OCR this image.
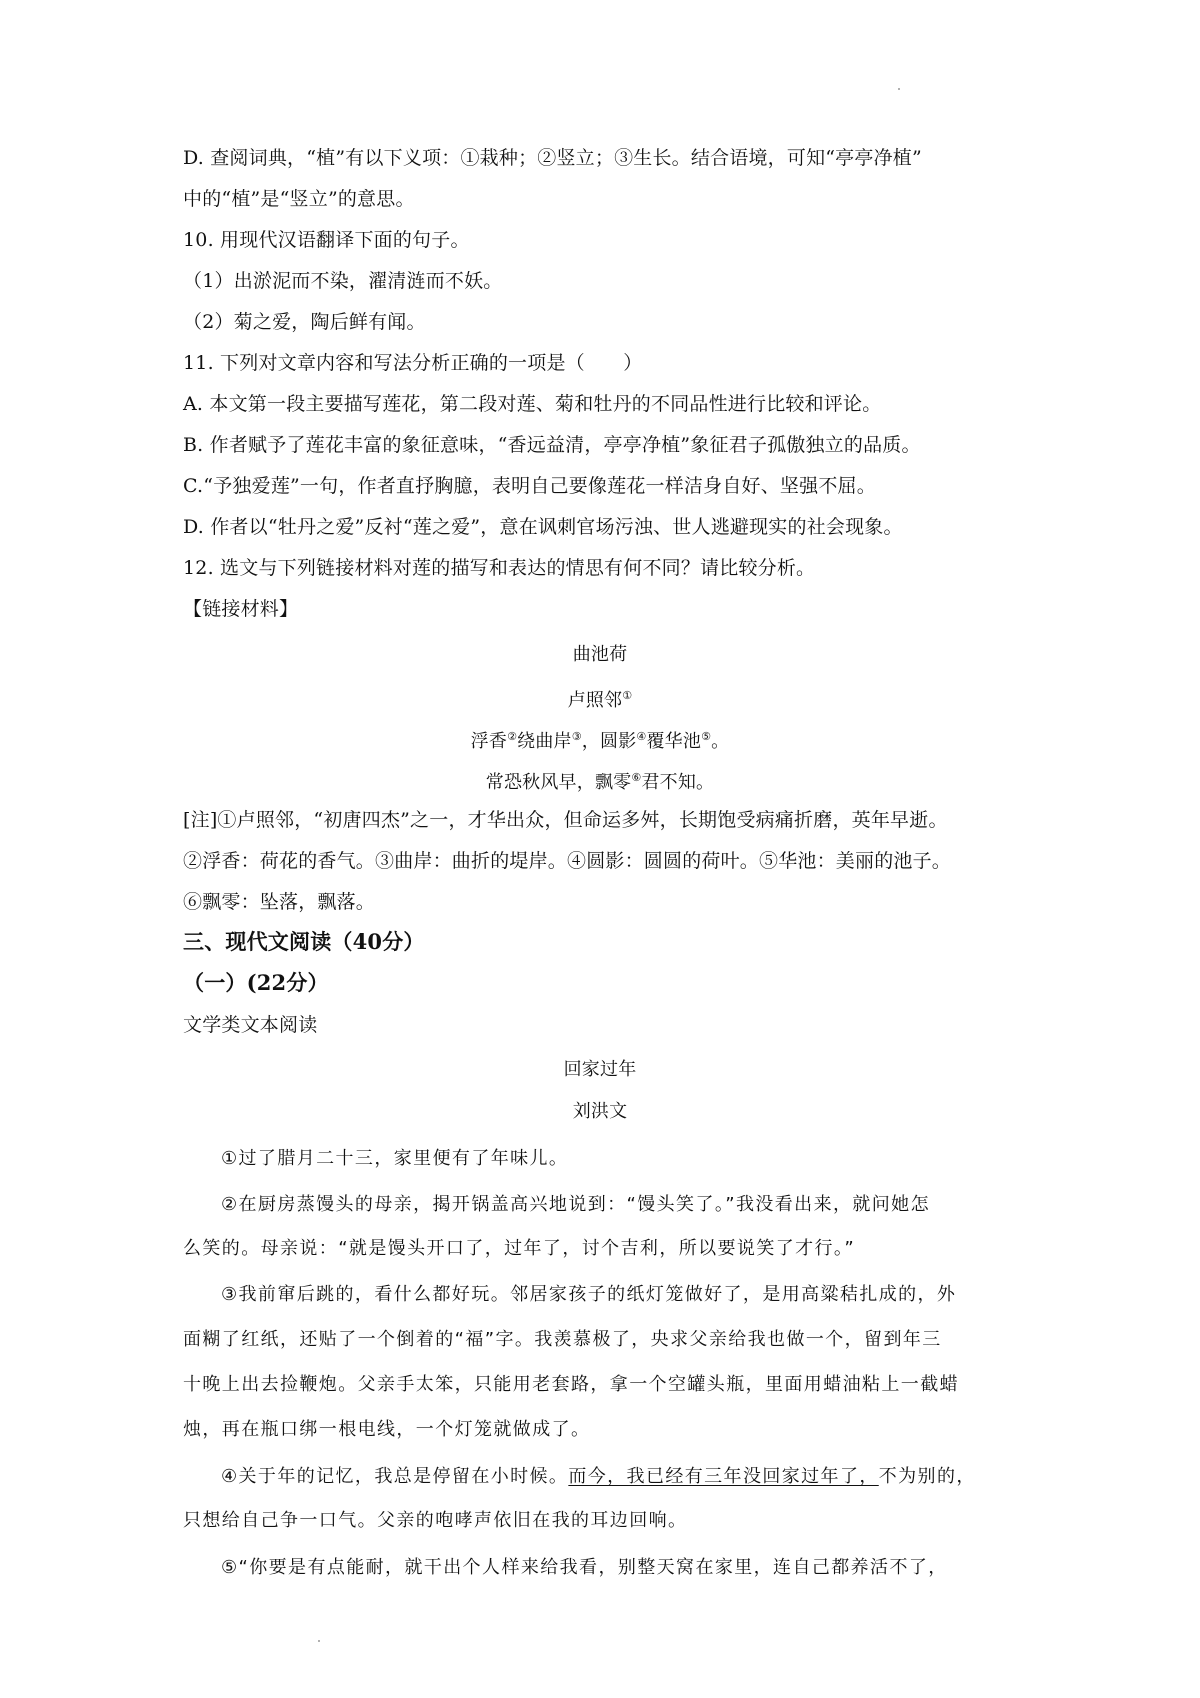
D. 查阅词典，“植”有以下义项：①栽种；②竖立；③生长。结合语境，可知“亭亭净植”
中的“植”是“竖立”的意思。
10. 用现代汉语翻译下面的句子。
（1）出淤泥而不染，濯清涟而不妖。
（2）菊之爱，陶后鲜有闻。
11. 下列对文章内容和写法分析正确的一项是（　　）
A. 本文第一段主要描写莲花，第二段对莲、菊和牡丹的不同品性进行比较和评论。
B. 作者赋予了莲花丰富的象征意味，“香远益清，亭亭净植”象征君子孤傲独立的品质。
C.“予独爱莲”一句，作者直抒胸臆，表明自己要像莲花一样洁身自好、坚强不屈。
D. 作者以“牡丹之爱”反衬“莲之爱”，意在讽刺官场污浊、世人逃避现实的社会现象。
12. 选文与下列链接材料对莲的描写和表达的情思有何不同？请比较分析。
【链接材料】
曲池荷
卢照邻①
浮香②绕曲岸③，圆影④覆华池⑤。
常恐秋风早，飘零⑥君不知。
[注]①卢照邻，“初唐四杰”之一，才华出众，但命运多舛，长期饱受病痛折磨，英年早逝。
②浮香：荷花的香气。③曲岸：曲折的堤岸。④圆影：圆圆的荷叶。⑤华池：美丽的池子。
⑥飘零：坠落，飘落。
三、现代文阅读（40分）
（一）(22分）
文学类文本阅读
回家过年
刘洪文
①过了腊月二十三，家里便有了年味儿。
②在厨房蒸馒头的母亲，揭开锅盖高兴地说到：“馒头笑了。”我没看出来，就问她怎
么笑的。母亲说：“就是馒头开口了，过年了，讨个吉利，所以要说笑了才行。”
③我前窜后跳的，看什么都好玩。邻居家孩子的纸灯笼做好了，是用高粱秸扎成的，外
面糊了红纸，还贴了一个倒着的“福”字。我羡慕极了，央求父亲给我也做一个，留到年三
十晚上出去捡鞭炮。父亲手太笨，只能用老套路，拿一个空罐头瓶，里面用蜡油粘上一截蜡
烛，再在瓶口绑一根电线，一个灯笼就做成了。
④关于年的记忆，我总是停留在小时候。而今，我已经有三年没回家过年了，不为别的，
只想给自己争一口气。父亲的咆哮声依旧在我的耳边回响。
⑤“你要是有点能耐，就干出个人样来给我看，别整天窝在家里，连自己都养活不了，
